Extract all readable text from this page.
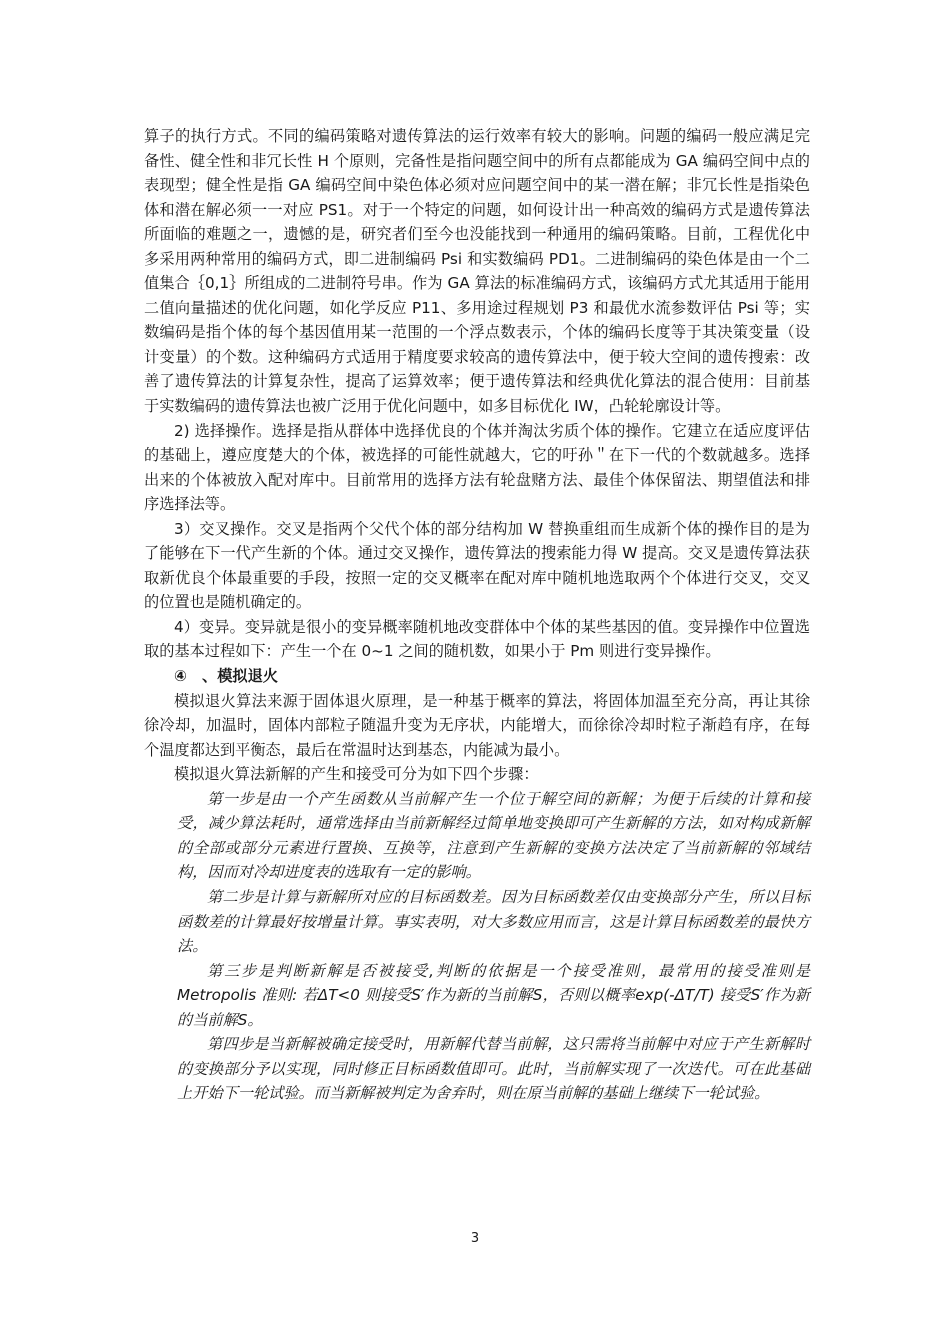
算子的执行方式。不同的编码策略对遗传算法的运行效率有较大的影响。问题的编码一般应满足完备性、健全性和非冗长性 H 个原则，完备性是指问题空间中的所有点都能成为 GA 编码空间中点的表现型；健全性是指 GA 编码空间中染色体必须对应问题空间中的某一潜在解；非冗长性是指染色体和潜在解必须一一对应 PS1。对于一个特定的问题，如何设计出一种高效的编码方式是遗传算法所面临的难题之一，遗憾的是，研究者们至今也没能找到一种通用的编码策略。目前，工程优化中多采用两种常用的编码方式，即二进制编码 Psi 和实数编码 PD1。二进制编码的染色体是由一个二值集合｛0,1｝所组成的二进制符号串。作为 GA 算法的标准编码方式，该编码方式尤其适用于能用二值向量描述的优化问题，如化学反应 P11、多用途过程规划 P3 和最优水流参数评估 Psi 等；实数编码是指个体的每个基因值用某一范围的一个浮点数表示，个体的编码长度等于其决策变量（设计变量）的个数。这种编码方式适用于精度要求较高的遗传算法中，便于较大空间的遗传搜索：改善了遗传算法的计算复杂性，提高了运算效率；便于遗传算法和经典优化算法的混合使用：目前基于实数编码的遗传算法也被广泛用于优化问题中，如多目标优化 IW，凸轮轮廓设计等。

2) 选择操作。选择是指从群体中选择优良的个体并淘汰劣质个体的操作。它建立在适应度评估的基础上，遵应度楚大的个体，被选择的可能性就越大，它的吁孙＂在下一代的个数就越多。选择出来的个体被放入配对库中。目前常用的选择方法有轮盘赌方法、最佳个体保留法、期望值法和排序选择法等。

3）交叉操作。交叉是指两个父代个体的部分结构加 W 替换重组而生成新个体的操作目的是为了能够在下一代产生新的个体。通过交叉操作，遗传算法的搜索能力得 W 提高。交叉是遗传算法获取新优良个体最重要的手段，按照一定的交叉概率在配对库中随机地选取两个个体进行交叉，交叉的位置也是随机确定的。

4）变异。变异就是很小的变异概率随机地改变群体中个体的某些基因的值。变异操作中位置选取的基本过程如下：产生一个在 0~1 之间的随机数，如果小于 Pm 则进行变异操作。

④　、模拟退火

模拟退火算法来源于固体退火原理，是一种基于概率的算法，将固体加温至充分高，再让其徐徐冷却，加温时，固体内部粒子随温升变为无序状，内能增大，而徐徐冷却时粒子渐趋有序，在每个温度都达到平衡态，最后在常温时达到基态，内能减为最小。

模拟退火算法新解的产生和接受可分为如下四个步骤：

第一步是由一个产生函数从当前解产生一个位于解空间的新解；为便于后续的计算和接受，减少算法耗时，通常选择由当前新解经过简单地变换即可产生新解的方法，如对构成新解的全部或部分元素进行置换、互换等，注意到产生新解的变换方法决定了当前新解的邻域结构，因而对冷却进度表的选取有一定的影响。

第二步是计算与新解所对应的目标函数差。因为目标函数差仅由变换部分产生，所以目标函数差的计算最好按增量计算。事实表明，对大多数应用而言，这是计算目标函数差的最快方法。

第三步是判断新解是否被接受,判断的依据是一个接受准则，最常用的接受准则是 Metropolis 准则: 若ΔT<0 则接受S′作为新的当前解S，否则以概率exp(-ΔT/T) 接受S′作为新的当前解S。

第四步是当新解被确定接受时，用新解代替当前解，这只需将当前解中对应于产生新解时的变换部分予以实现，同时修正目标函数值即可。此时，当前解实现了一次迭代。可在此基础上开始下一轮试验。而当新解被判定为舍弃时，则在原当前解的基础上继续下一轮试验。

3
